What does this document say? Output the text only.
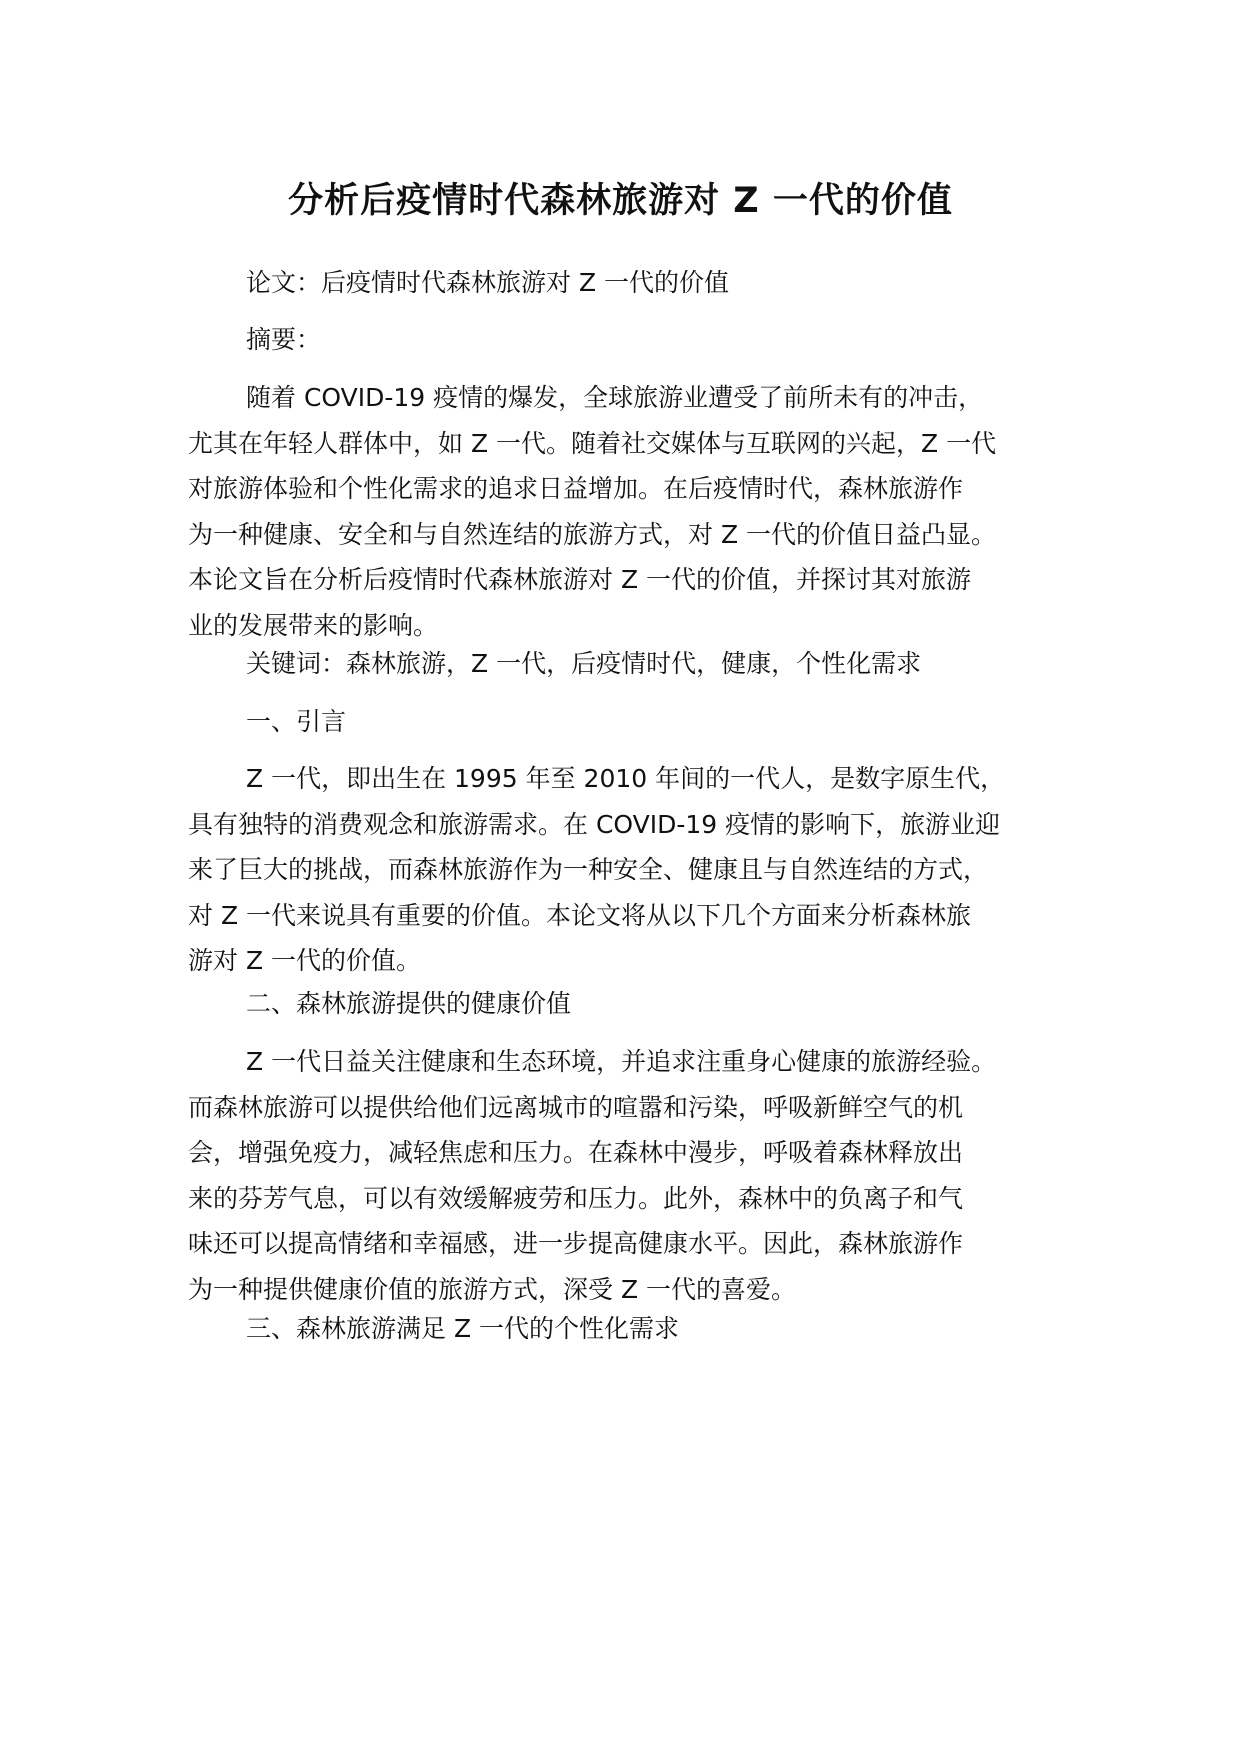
分析后疫情时代森林旅游对 Z 一代的价值

论文：后疫情时代森林旅游对 Z 一代的价值

摘要：

随着 COVID-19 疫情的爆发，全球旅游业遭受了前所未有的冲击，
尤其在年轻人群体中，如 Z 一代。随着社交媒体与互联网的兴起，Z 一代
对旅游体验和个性化需求的追求日益增加。在后疫情时代，森林旅游作
为一种健康、安全和与自然连结的旅游方式，对 Z 一代的价值日益凸显。
本论文旨在分析后疫情时代森林旅游对 Z 一代的价值，并探讨其对旅游
业的发展带来的影响。

关键词：森林旅游，Z 一代，后疫情时代，健康，个性化需求

一、引言

Z 一代，即出生在 1995 年至 2010 年间的一代人，是数字原生代，
具有独特的消费观念和旅游需求。在 COVID-19 疫情的影响下，旅游业迎
来了巨大的挑战，而森林旅游作为一种安全、健康且与自然连结的方式，
对 Z 一代来说具有重要的价值。本论文将从以下几个方面来分析森林旅
游对 Z 一代的价值。

二、森林旅游提供的健康价值

Z 一代日益关注健康和生态环境，并追求注重身心健康的旅游经验。
而森林旅游可以提供给他们远离城市的喧嚣和污染，呼吸新鲜空气的机
会，增强免疫力，减轻焦虑和压力。在森林中漫步，呼吸着森林释放出
来的芬芳气息，可以有效缓解疲劳和压力。此外，森林中的负离子和气
味还可以提高情绪和幸福感，进一步提高健康水平。因此，森林旅游作
为一种提供健康价值的旅游方式，深受 Z 一代的喜爱。

三、森林旅游满足 Z 一代的个性化需求
